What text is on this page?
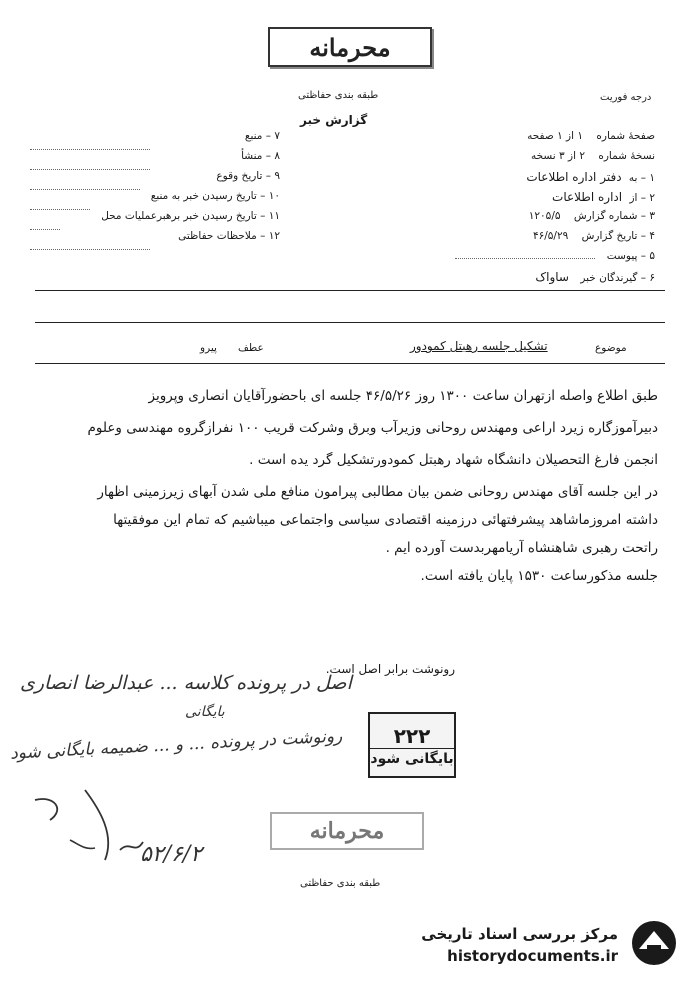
محرمانه
طبقه بندی حفاظتی	درجه فوریت
گزارش خبر
۷ – منبع
۸ – منشأ
۹ – تاریخ وقوع
۱۰ – تاریخ رسیدن خبر به منبع
۱۱ – تاریخ رسیدن خبر برهبرعملیات محل
۱۲ – ملاحظات حفاظتی
صفحهٔ شماره ۱ از ۱ صفحه
نسخهٔ شماره ۲ از ۳ نسخه
۱ – به دفتر اداره اطلاعات
۲ – از اداره اطلاعات
۳ – شماره گزارش ۱۲۰۵/۵
۴ – تاریخ گزارش ۴۶/۵/۲۹
۵ – پیوست
۶ – گیرندگان خبر ساواک
موضوع
تشکیل جلسه رهبتل کمودور
عطف
پیرو
طبق اطلاع واصله ازتهران ساعت ۱۳۰۰ روز ۴۶/۵/۲۶ جلسه ای باحضورآقایان انصاری وپرویز
دبیرآموزگاره زیرد اراعی ومهندس روحانی وزیرآب وبرق وشرکت قریب ۱۰۰ نفرازگروه مهندسی وعلوم
انجمن فارغ التحصیلان دانشگاه شهاد رهبتل کمودورتشکیل گرد یده است .
در این جلسه آقای مهندس روحانی ضمن بیان مطالبی پیرامون منافع ملی شدن آبهای زیرزمینی اظهار
داشته امروزماشاهد پیشرفتهائی درزمینه اقتصادی سیاسی واجتماعی میباشیم که تمام این موفقیتها
راتحت رهبری شاهنشاه آریامهربدست آورده ایم .
جلسه مذکورساعت ۱۵۳۰ پایان یافته است.
رونوشت برابر اصل است.
اصل در پرونده کلاسه ... عبدالرضا انصاری
بایگانی
رونوشت در پرونده ... و ... ضمیمه بایگانی شود
۵۲/۶/۲
۲۲۲
بایگانی شود
محرمانه
طبقه بندی حفاظتی
مرکز بررسی اسناد تاریخی
historydocuments.ir
